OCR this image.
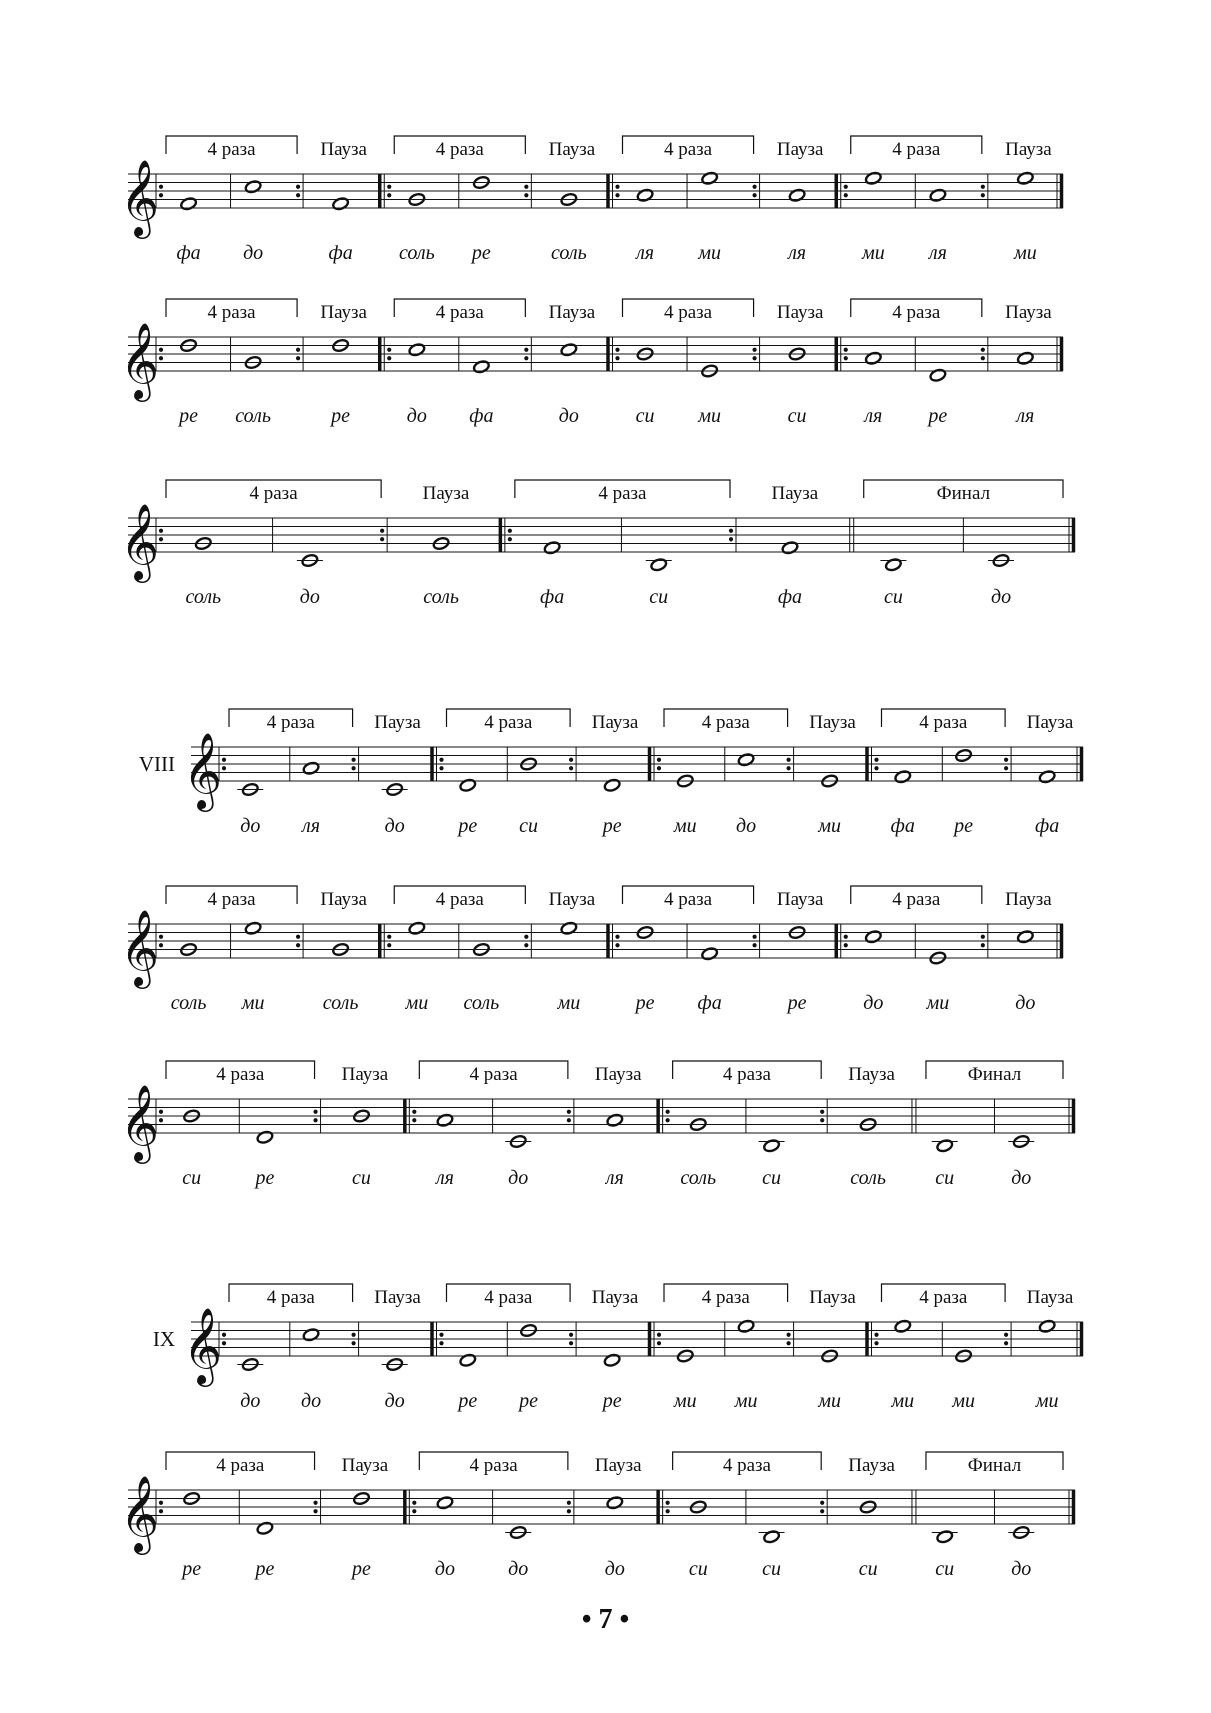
𝄞
4 раза
фа до
Пауза
фа
4 раза
соль ре
Пауза
соль
4 раза
ля ми
Пауза
ля
4 раза
ми ля
Пауза
ми
𝄞
4 раза
ре соль
Пауза
ре
4 раза
до фа
Пауза
до
4 раза
си ми
Пауза
си
4 раза
ля ре
Пауза
ля
𝄞
4 раза
соль	до
Пауза
соль
4 раза
фа	си
Пауза
фа
Финал
си	до
VIII 𝄞
4 раза
до ля
Пауза
до
4 раза
ре си
Пауза
ре
4 раза
ми до
Пауза
ми
4 раза
фа ре
Пауза
фа
𝄞
4 раза
соль ми
Пауза
соль
4 раза
ми соль
Пауза
ми
4 раза
ре фа
Пауза
ре
4 раза
до ми
Пауза
до
𝄞
4 раза
си	ре
Пауза
си
4 раза
ля	до
Пауза
ля
4 раза
соль си
Пауза
соль
Финал
си	до
IX 𝄞
4 раза
до до
Пауза
до
4 раза
ре ре
Пауза
ре
4 раза
ми ми
Пауза
ми
4 раза
ми ми
Пауза
ми
𝄞
4 раза
ре	ре
Пауза
ре
4 раза
до	до
Пауза
до
4 раза
си	си
Пауза
си
Финал
си	до
• 7 •
